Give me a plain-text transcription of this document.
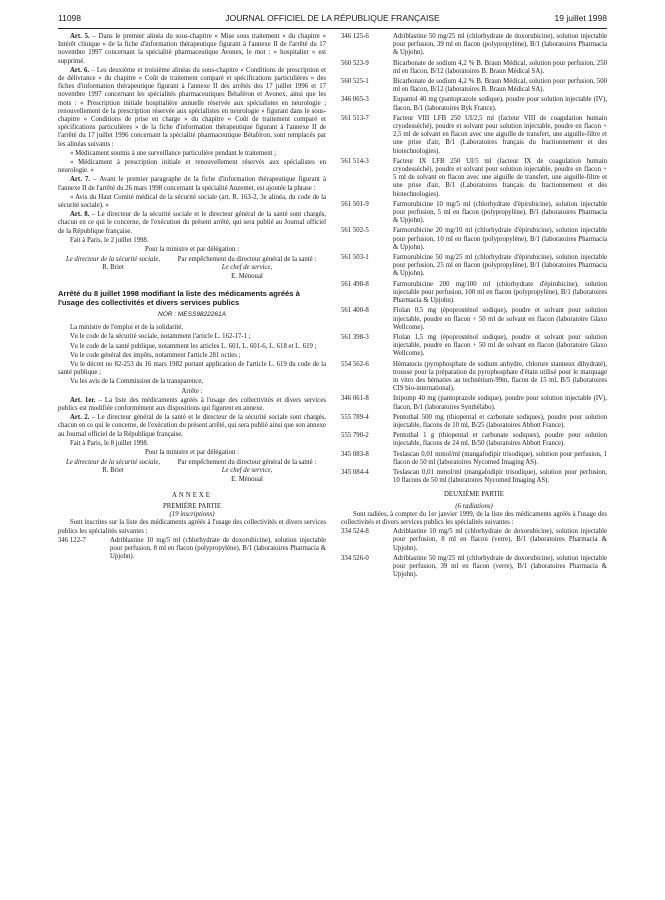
11098	JOURNAL OFFICIEL DE LA RÉPUBLIQUE FRANÇAISE	19 juillet 1998

Art. 5. – Dans le premier alinéa du sous-chapitre « Mise sous traitement » du chapitre « Intérêt clinique » de la fiche d'information thérapeutique figurant à l'annexe II de l'arrêté du 17 novembre 1997 concernant la spécialité pharmaceutique Avonex, le mot : « hospitalier » est supprimé.

Art. 6. – Les deuxième et troisième alinéas du sous-chapitre « Conditions de prescription et de délivrance » du chapitre « Coût de traitement comparé et spécifications particulières » des fiches d'information thérapeutique figurant à l'annexe II des arrêtés des 17 juillet 1996 et 17 novembre 1997 concernant les spécialités pharmaceutiques Bétaféron et Avonex, ainsi que les mots : « Prescription initiale hospitalière annuelle réservée aux spécialistes en neurologie ; renouvellement de la prescription réservée aux spécialistes en neurologie » figurant dans le sous-chapitre « Conditions de prise en charge » du chapitre « Coût de traitement comparé et spécifications particulières » de la fiche d'information thérapeutique figurant à l'annexe II de l'arrêté du 17 juillet 1996 concernant la spécialité pharmaceutique Bétaféron, sont remplacés par les alinéas suivants :

« Médicament soumis à une surveillance particulière pendant le traitement ;

« Médicament à prescription initiale et renouvellement réservés aux spécialistes en neurologie. »

Art. 7. – Avant le premier paragraphe de la fiche d'information thérapeutique figurant à l'annexe II de l'arrêté du 26 mars 1998 concernant la spécialité Anzemet, est ajoutée la phrase :

« Avis du Haut Comité médical de la sécurité sociale (art. R. 163-2, 3e alinéa, du code de la sécurité sociale). »

Art. 8. – Le directeur de la sécurité sociale et le directeur général de la santé sont chargés, chacun en ce qui le concerne, de l'exécution du présent arrêté, qui sera publié au Journal officiel de la République française.

Fait à Paris, le 2 juillet 1998.

Pour la ministre et par délégation :

Le directeur de la sécurité sociale,
R. Briet
Par empêchement du directeur général de la santé :
Le chef de service,
E. Ménoual
Arrêté du 8 juillet 1998 modifiant la liste des médicaments agréés à l'usage des collectivités et divers services publics
NOR : MESS9822261A

La ministre de l'emploi et de la solidarité,

Vu le code de la sécurité sociale, notamment l'article L. 162-17-1 ;

Vu le code de la santé publique, notamment les articles L. 601, L. 601-6, L. 618 et L. 619 ;

Vu le code général des impôts, notamment l'article 281 octies ;

Vu le décret no 82-253 du 16 mars 1982 portant application de l'article L. 619 du code de la santé publique ;

Vu les avis de la Commission de la transparence,

Arrête :

Art. 1er. – La liste des médicaments agréés à l'usage des collectivités et divers services publics est modifiée conformément aux dispositions qui figurent en annexe.

Art. 2. – Le directeur général de la santé et le directeur de la sécurité sociale sont chargés, chacun en ce qui le concerne, de l'exécution du présent arrêté, qui sera publié ainsi que son annexe au Journal officiel de la République française.

Fait à Paris, le 8 juillet 1998.

Pour la ministre et par délégation :

Le directeur de la sécurité sociale,
R. Briet
Par empêchement du directeur général de la santé :
Le chef de service,
E. Ménoual
ANNEXE
PREMIÈRE PARTIE
(19 inscriptions)

Sont inscrites sur la liste des médicaments agréés à l'usage des collectivités et divers services publics les spécialités suivantes :

346 122-7	Adriblastine 10 mg/5 ml (chlorhydrate de doxorubicine), solution injectable pour perfusion, 8 ml en flacon (polypropylène), B/1 (laboratoires Pharmacia & Upjohn).
346 125-6	Adriblastine 50 mg/25 ml (chlorhydrate de doxorubicine), solution injectable pour perfusion, 39 ml en flacon (polypropylène), B/1 (laboratoires Pharmacia & Upjohn).
560 523-9	Bicarbonate de sodium 4,2 % B. Braun Médical, solution pour perfusion, 250 ml en flacon, B/12 (laboratoires B. Braun Médical SA).
560 525-1	Bicarbonate de sodium 4,2 % B. Braun Médical, solution pour perfusion, 500 ml en flacon, B/12 (laboratoires B. Braun Médical SA).
346 065-3	Eupantol 40 mg (pantoprazole sodique), poudre pour solution injectable (IV), flacon, B/1 (laboratoires Byk France).
561 513-7	Facteur VIII LFB 250 UI/2,5 ml (facteur VIII de coagulation humain cryodesséché), poudre et solvant pour solution injectable, poudre en flacon + 2,5 ml de solvant en flacon avec une aiguille de transfert, une aiguille-filtre et une prise d'air, B/1 (Laboratoires français du fractionnement et des biotechnologies).
561 514-3	Facteur IX LFB 250 UI/5 ml (facteur IX de coagulation humain cryodesséché), poudre et solvant pour solution injectable, poudre en flacon + 5 ml de solvant en flacon avec une aiguille de transfert, une aiguille-filtre et une prise d'air, B/1 (Laboratoires français du fractionnement et des biotechnologies).
561 501-9	Farmorubicine 10 mg/5 ml (chlorhydrate d'épirubicine), solution injectable pour perfusion, 5 ml en flacon (polypropylène), B/1 (laboratoires Pharmacia & Upjohn).
561 502-5	Farmorubicine 20 mg/10 ml (chlorhydrate d'épirubicine), solution injectable pour perfusion, 10 ml en flacon (polypropylène), B/1 (laboratoires Pharmacia & Upjohn).
561 503-1	Farmorubicine 50 mg/25 ml (chlorhydrate d'épirubicine), solution injectable pour perfusion, 25 ml en flacon (polypropylène), B/1 (laboratoires Pharmacia & Upjohn).
561 498-8	Farmorubicine 200 mg/100 ml (chlorhydrate d'épirubicine), solution injectable pour perfusion, 100 ml en flacon (polypropylène), B/1 (laboratoires Pharmacia & Upjohn).
561 400-8	Flolan 0,5 mg (époprosténol sodique), poudre et solvant pour solution injectable, poudre en flacon + 50 ml de solvant en flacon (laboratoire Glaxo Wellcome).
561 398-3	Flolan 1,5 mg (époprosténol sodique), poudre et solvant pour solution injectable, poudre en flacon + 50 ml de solvant en flacon (laboratoire Glaxo Wellcome).
554 562-6	Hématocis (pyrophosphate de sodium anhydre, chlorure stanneux dihydraté), trousse pour la préparation du pyrophosphate d'étain utilisé pour le marquage in vitro des hématies au technétium-99m, flacon de 15 ml, B/5 (laboratoires CIS bio-international).
346 061-8	Inipomp 40 mg (pantoprazole sodique), poudre pour solution injectable (IV), flacon, B/1 (laboratoires Synthélabo).
555 789-4	Pentothal 500 mg (thiopental et carbonate sodiques), poudre pour solution injectable, flacons de 10 ml, B/25 (laboratoires Abbott France).
555 790-2	Pentothal 1 g (thiopental et carbonate sodiques), poudre pour solution injectable, flacons de 24 ml, B/50 (laboratoires Abbott France).
345 083-8	Teslascan 0,01 mmol/ml (mangafodipir trisodique), solution pour perfusion, 1 flacon de 50 ml (laboratoires Nycomed Imaging AS).
345 084-4	Teslascan 0,01 mmol/ml (mangafodipir trisodique), solution pour perfusion, 10 flacons de 50 ml (laboratoires Nycomed Imaging AS).
DEUXIÈME PARTIE
(6 radiations)

Sont radiées, à compter du 1er janvier 1999, de la liste des médicaments agréés à l'usage des collectivités et divers services publics les spécialités suivantes :

334 524-8	Adriblastine 10 mg/5 ml (chlorhydrate de doxorubicine), solution injectable pour perfusion, 8 ml en flacon (verre), B/1 (laboratoires Pharmacia & Upjohn).
334 526-0	Adriblastine 50 mg/25 ml (chlorhydrate de doxorubicine), solution injectable pour perfusion, 39 ml en flacon (verre), B/1 (laboratoires Pharmacia & Upjohn).
